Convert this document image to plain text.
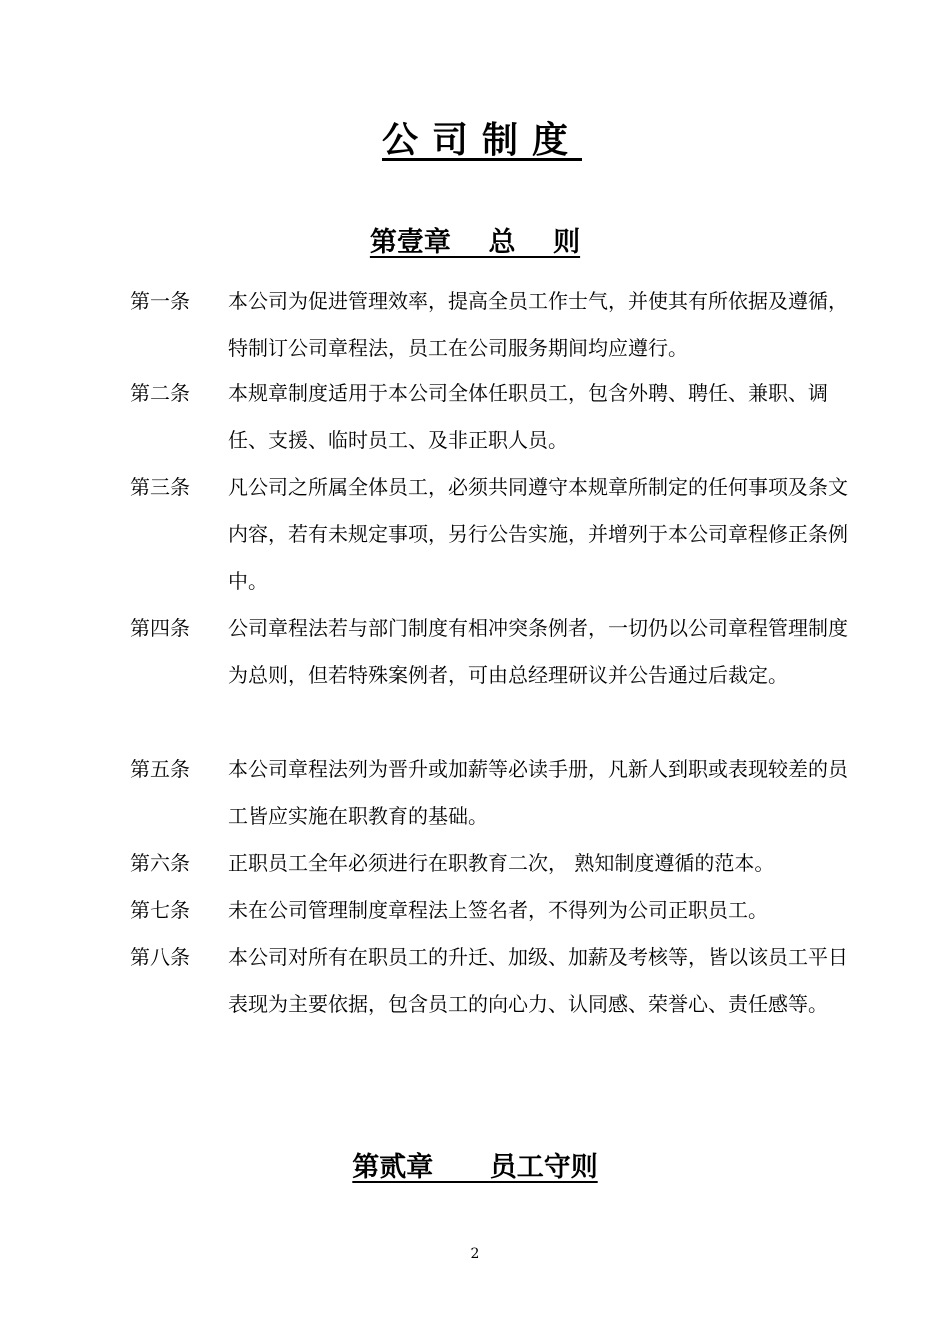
公司制度
第壹章    总    则
第一条 本公司为促进管理效率，提高全员工作士气，并使其有所依据及遵循，特制订公司章程法，员工在公司服务期间均应遵行。
第二条 本规章制度适用于本公司全体任职员工，包含外聘、聘任、兼职、调任、支援、临时员工、及非正职人员。
第三条 凡公司之所属全体员工，必须共同遵守本规章所制定的任何事项及条文内容，若有未规定事项，另行公告实施，并增列于本公司章程修正条例中。
第四条 公司章程法若与部门制度有相冲突条例者，一切仍以公司章程管理制度为总则，但若特殊案例者，可由总经理研议并公告通过后裁定。
第五条 本公司章程法列为晋升或加薪等必读手册，凡新人到职或表现较差的员工皆应实施在职教育的基础。
第六条 正职员工全年必须进行在职教育二次， 熟知制度遵循的范本。
第七条 未在公司管理制度章程法上签名者，不得列为公司正职员工。
第八条 本公司对所有在职员工的升迁、加级、加薪及考核等，皆以该员工平日表现为主要依据，包含员工的向心力、认同感、荣誉心、责任感等。
第贰章      员工守则
2
